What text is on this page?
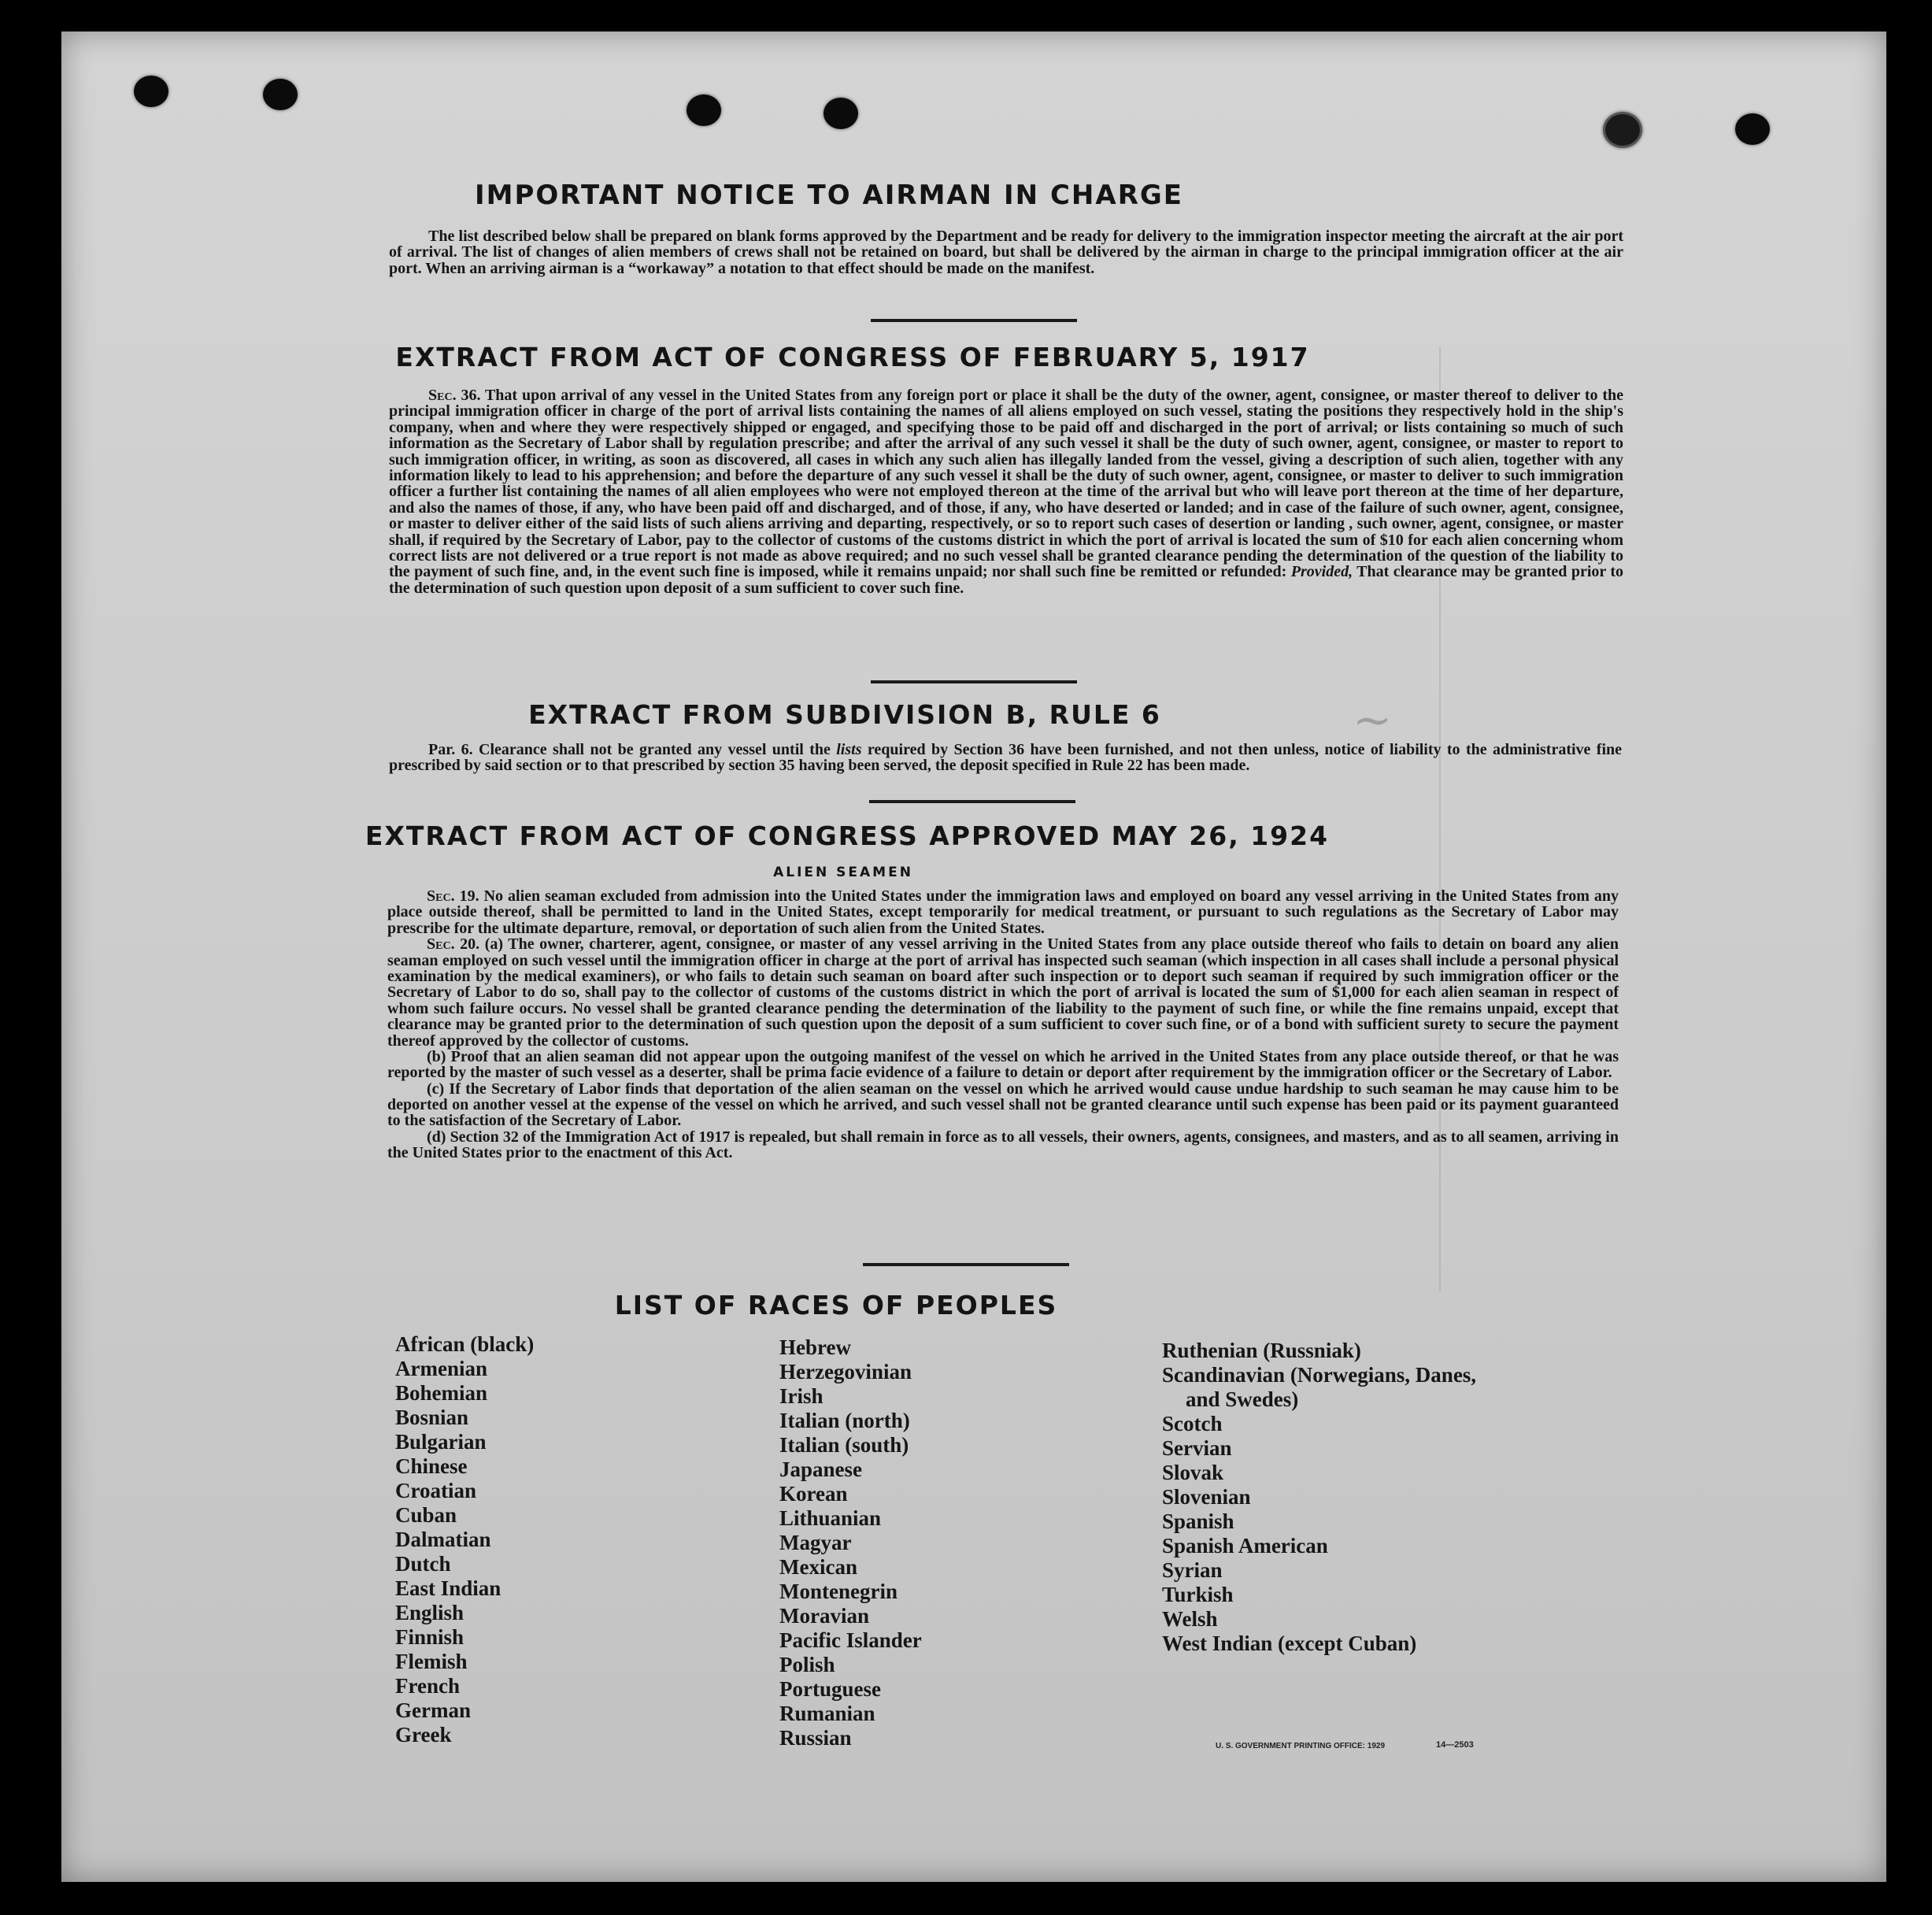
~
IMPORTANT NOTICE TO AIRMAN IN CHARGE

The list described below shall be prepared on blank forms approved by the Department and be ready for delivery to the immigration inspector meeting the aircraft at the air port of arrival. The list of changes of alien members of crews shall not be retained on board, but shall be delivered by the airman in charge to the principal immigration officer at the air port. When an arriving airman is a “workaway” a notation to that effect should be made on the manifest.

EXTRACT FROM ACT OF CONGRESS OF FEBRUARY 5, 1917

Sec. 36. That upon arrival of any vessel in the United States from any foreign port or place it shall be the duty of the owner, agent, consignee, or master thereof to deliver to the principal immigration officer in charge of the port of arrival lists containing the names of all aliens employed on such vessel, stating the positions they respectively hold in the ship's company, when and where they were respectively shipped or engaged, and specifying those to be paid off and discharged in the port of arrival; or lists containing so much of such information as the Secretary of Labor shall by regulation prescribe; and after the arrival of any such vessel it shall be the duty of such owner, agent, consignee, or master to report to such immigration officer, in writing, as soon as discovered, all cases in which any such alien has illegally landed from the vessel, giving a description of such alien, together with any information likely to lead to his apprehension; and before the departure of any such vessel it shall be the duty of such owner, agent, consignee, or master to deliver to such immigration officer a further list containing the names of all alien employees who were not employed thereon at the time of the arrival but who will leave port thereon at the time of her departure, and also the names of those, if any, who have been paid off and discharged, and of those, if any, who have deserted or landed; and in case of the failure of such owner, agent, consignee, or master to deliver either of the said lists of such aliens arriving and departing, respectively, or so to report such cases of desertion or landing , such owner, agent, consignee, or master shall, if required by the Secretary of Labor, pay to the collector of customs of the customs district in which the port of arrival is located the sum of $10 for each alien concerning whom correct lists are not delivered or a true report is not made as above required; and no such vessel shall be granted clearance pending the determination of the question of the liability to the payment of such fine, and, in the event such fine is imposed, while it remains unpaid; nor shall such fine be remitted or refunded: Provided, That clearance may be granted prior to the determination of such question upon deposit of a sum sufficient to cover such fine.

EXTRACT FROM SUBDIVISION B, RULE 6

Par. 6. Clearance shall not be granted any vessel until the lists required by Section 36 have been furnished, and not then unless, notice of liability to the administrative fine prescribed by said section or to that prescribed by section 35 having been served, the deposit specified in Rule 22 has been made.

EXTRACT FROM ACT OF CONGRESS APPROVED MAY 26, 1924
ALIEN SEAMEN

Sec. 19. No alien seaman excluded from admission into the United States under the immigration laws and employed on board any vessel arriving in the United States from any place outside thereof, shall be permitted to land in the United States, except temporarily for medical treatment, or pursuant to such regulations as the Secretary of Labor may prescribe for the ultimate departure, removal, or deportation of such alien from the United States.

Sec. 20. (a) The owner, charterer, agent, consignee, or master of any vessel arriving in the United States from any place outside thereof who fails to detain on board any alien seaman employed on such vessel until the immigration officer in charge at the port of arrival has inspected such seaman (which inspection in all cases shall include a personal physical examination by the medical examiners), or who fails to detain such seaman on board after such inspection or to deport such seaman if required by such immigration officer or the Secretary of Labor to do so, shall pay to the collector of customs of the customs district in which the port of arrival is located the sum of $1,000 for each alien seaman in respect of whom such failure occurs. No vessel shall be granted clearance pending the determination of the liability to the payment of such fine, or while the fine remains unpaid, except that clearance may be granted prior to the determination of such question upon the deposit of a sum sufficient to cover such fine, or of a bond with sufficient surety to secure the payment thereof approved by the collector of customs.

(b) Proof that an alien seaman did not appear upon the outgoing manifest of the vessel on which he arrived in the United States from any place outside thereof, or that he was reported by the master of such vessel as a deserter, shall be prima facie evidence of a failure to detain or deport after requirement by the immigration officer or the Secretary of Labor.

(c) If the Secretary of Labor finds that deportation of the alien seaman on the vessel on which he arrived would cause undue hardship to such seaman he may cause him to be deported on another vessel at the expense of the vessel on which he arrived, and such vessel shall not be granted clearance until such expense has been paid or its payment guaranteed to the satisfaction of the Secretary of Labor.

(d) Section 32 of the Immigration Act of 1917 is repealed, but shall remain in force as to all vessels, their owners, agents, consignees, and masters, and as to all seamen, arriving in the United States prior to the enactment of this Act.

LIST OF RACES OF PEOPLES
African (black)
Armenian
Bohemian
Bosnian
Bulgarian
Chinese
Croatian
Cuban
Dalmatian
Dutch
East Indian
English
Finnish
Flemish
French
German
Greek
Hebrew
Herzegovinian
Irish
Italian (north)
Italian (south)
Japanese
Korean
Lithuanian
Magyar
Mexican
Montenegrin
Moravian
Pacific Islander
Polish
Portuguese
Rumanian
Russian
Ruthenian (Russniak)
Scandinavian (Norwegians, Danes,
and Swedes)
Scotch
Servian
Slovak
Slovenian
Spanish
Spanish American
Syrian
Turkish
Welsh
West Indian (except Cuban)
U. S. GOVERNMENT PRINTING OFFICE: 1929	14—2503
